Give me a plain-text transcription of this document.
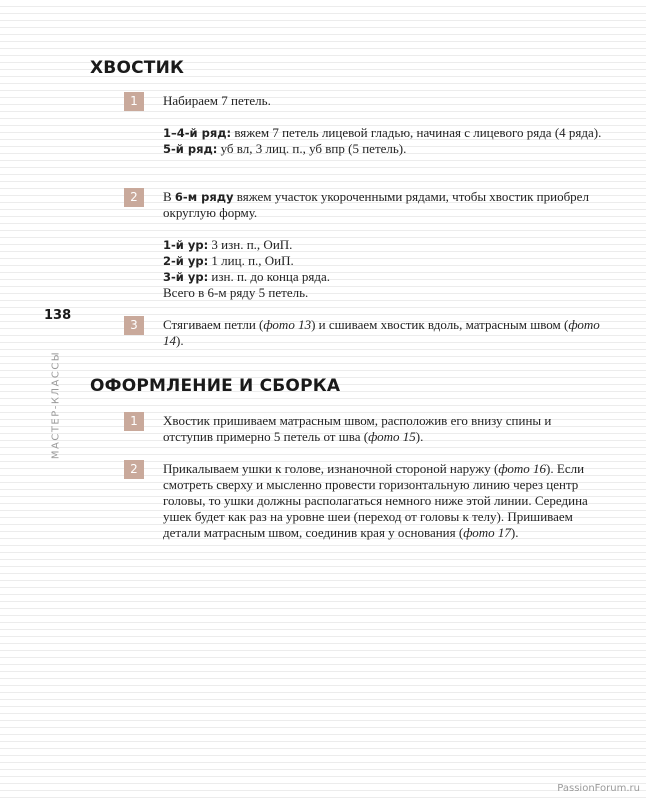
138
МАСТЕР-КЛАССЫ
PassionForum.ru
ХВОСТИК
1	Набираем 7 петель.

1–4-й ряд: вяжем 7 петель лицевой гладью, начиная с лицевого ряда (4 ряда).
5-й ряд: уб вл, 3 лиц. п., уб впр (5 петель).

2	В 6-м ряду вяжем участок укороченными рядами, чтобы хвостик приобрел округлую форму.

1-й ур: 3 изн. п., ОиП.
2-й ур: 1 лиц. п., ОиП.
3-й ур: изн. п. до конца ряда.
Всего в 6-м ряду 5 петель.

3	Стягиваем петли (фото 13) и сшиваем хвостик вдоль, матрасным швом (фото 14).

ОФОРМЛЕНИЕ И СБОРКА
1	Хвостик пришиваем матрасным швом, расположив его внизу спины и отступив примерно 5 петель от шва (фото 15).

2	Прикалываем ушки к голове, изнаночной стороной наружу (фото 16). Если смотреть сверху и мысленно провести горизонтальную линию через центр головы, то ушки должны располагаться немного ниже этой линии. Середина ушек будет как раз на уровне шеи (переход от головы к телу). Пришиваем детали матрасным швом, соединив края у основания (фото 17).
